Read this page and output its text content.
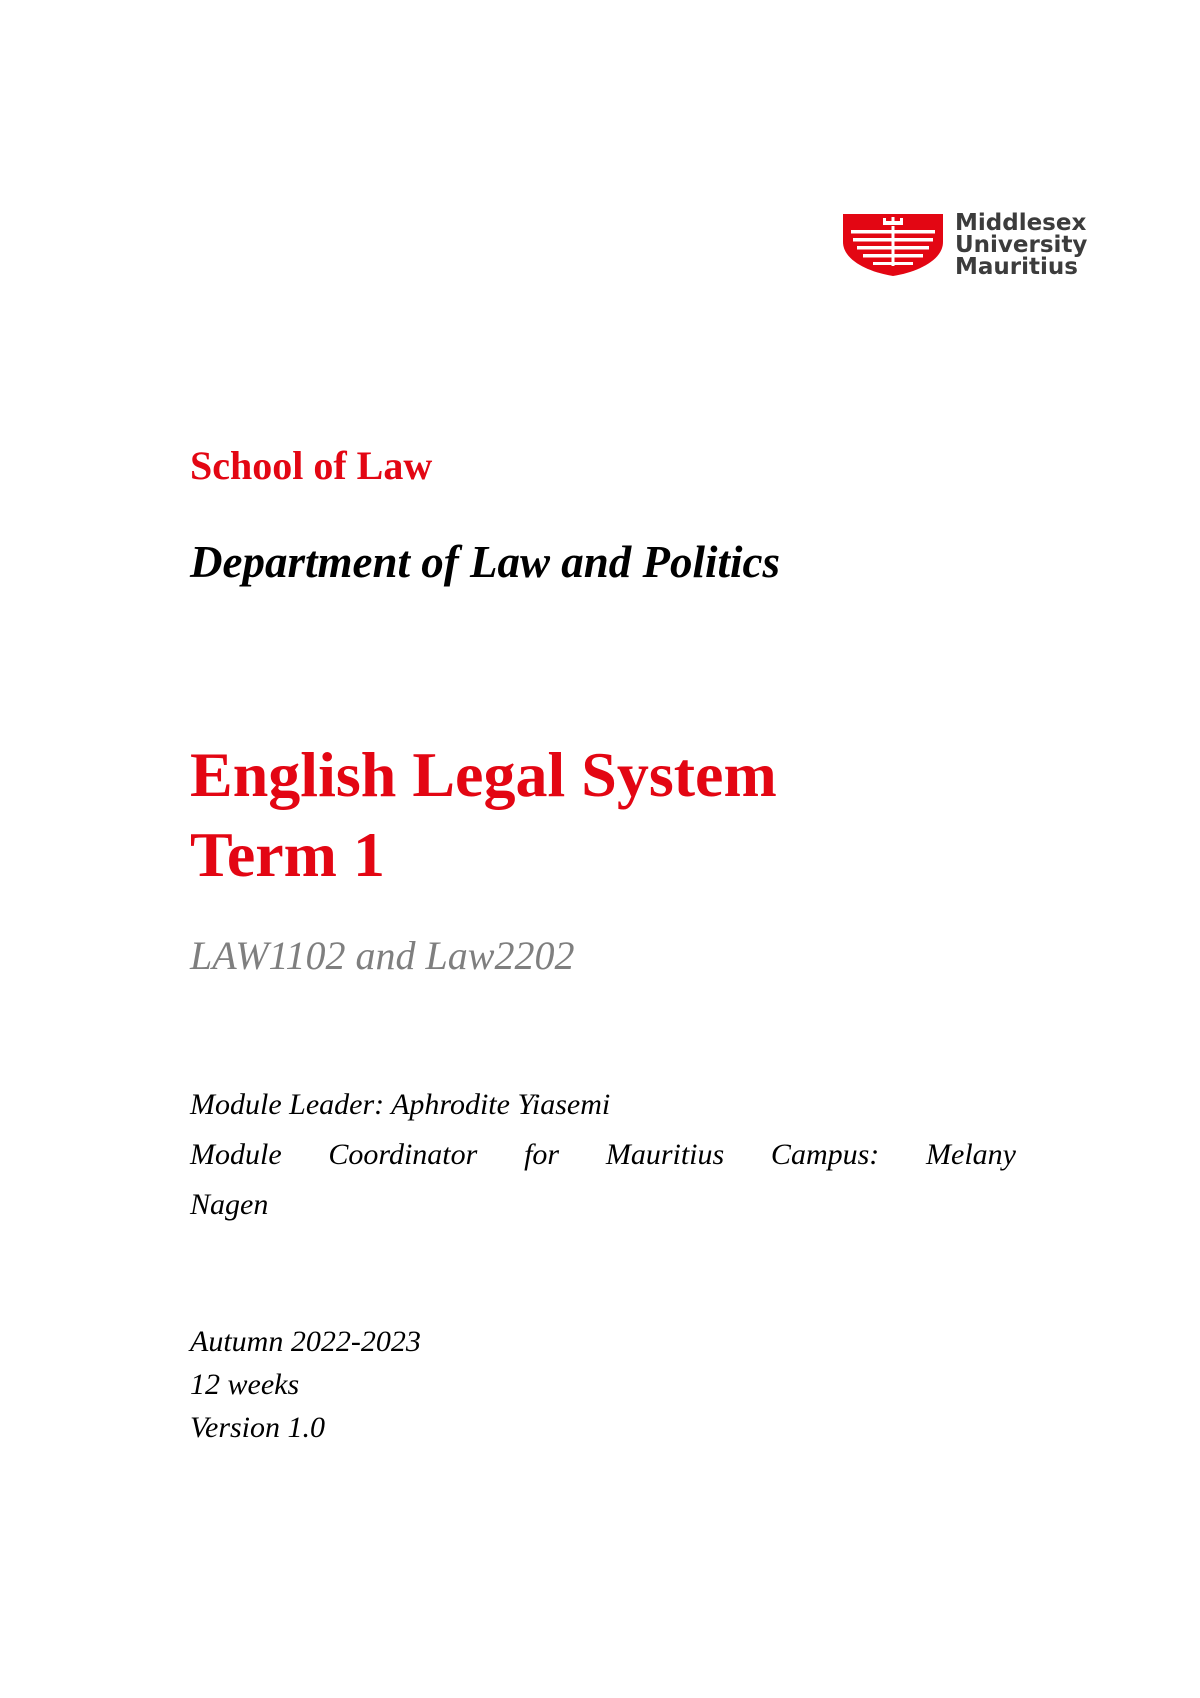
Middlesex
University
Mauritius
School of Law
Department of Law and Politics
English Legal System
Term 1

LAW1102 and Law2202

Module Leader: Aphrodite Yiasemi
Module Coordinator for Mauritius Campus: Melany
Nagen

Autumn 2022-2023
12 weeks
Version 1.0
